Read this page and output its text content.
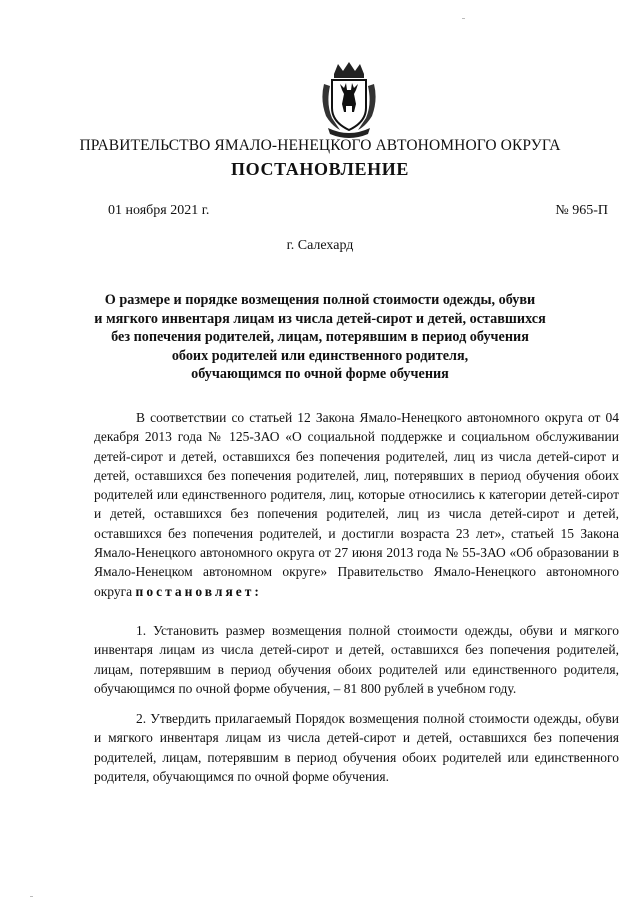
ПРАВИТЕЛЬСТВО ЯМАЛО-НЕНЕЦКОГО АВТОНОМНОГО ОКРУГА
ПОСТАНОВЛЕНИЕ
01 ноября 2021 г.	№ 965-П
г. Салехард
О размере и порядке возмещения полной стоимости одежды, обуви
и мягкого инвентаря лицам из числа детей-сирот и детей, оставшихся
без попечения родителей, лицам, потерявшим в период обучения
обоих родителей или единственного родителя,
обучающимся по очной форме обучения
В соответствии со статьей 12 Закона Ямало-Ненецкого автономного округа от 04 декабря 2013 года № 125-ЗАО «О социальной поддержке и социальном обслуживании детей-сирот и детей, оставшихся без попечения родителей, лиц из числа детей-сирот и детей, оставшихся без попечения родителей, лиц, потерявших в период обучения обоих родителей или единственного родителя, лиц, которые относились к категории детей-сирот и детей, оставшихся без попечения родителей, лиц из числа детей-сирот и детей, оставшихся без попечения родителей, и достигли возраста 23 лет», статьей 15 Закона Ямало-Ненецкого автономного округа от 27 июня 2013 года № 55-ЗАО «Об образовании в Ямало-Ненецком автономном округе» Правительство Ямало-Ненецкого автономного округа постановляет:
1. Установить размер возмещения полной стоимости одежды, обуви и мягкого инвентаря лицам из числа детей-сирот и детей, оставшихся без попечения родителей, лицам, потерявшим в период обучения обоих родителей или единственного родителя, обучающимся по очной форме обучения, – 81 800 рублей в учебном году.
2. Утвердить прилагаемый Порядок возмещения полной стоимости одежды, обуви и мягкого инвентаря лицам из числа детей-сирот и детей, оставшихся без попечения родителей, лицам, потерявшим в период обучения обоих родителей или единственного родителя, обучающимся по очной форме обучения.
